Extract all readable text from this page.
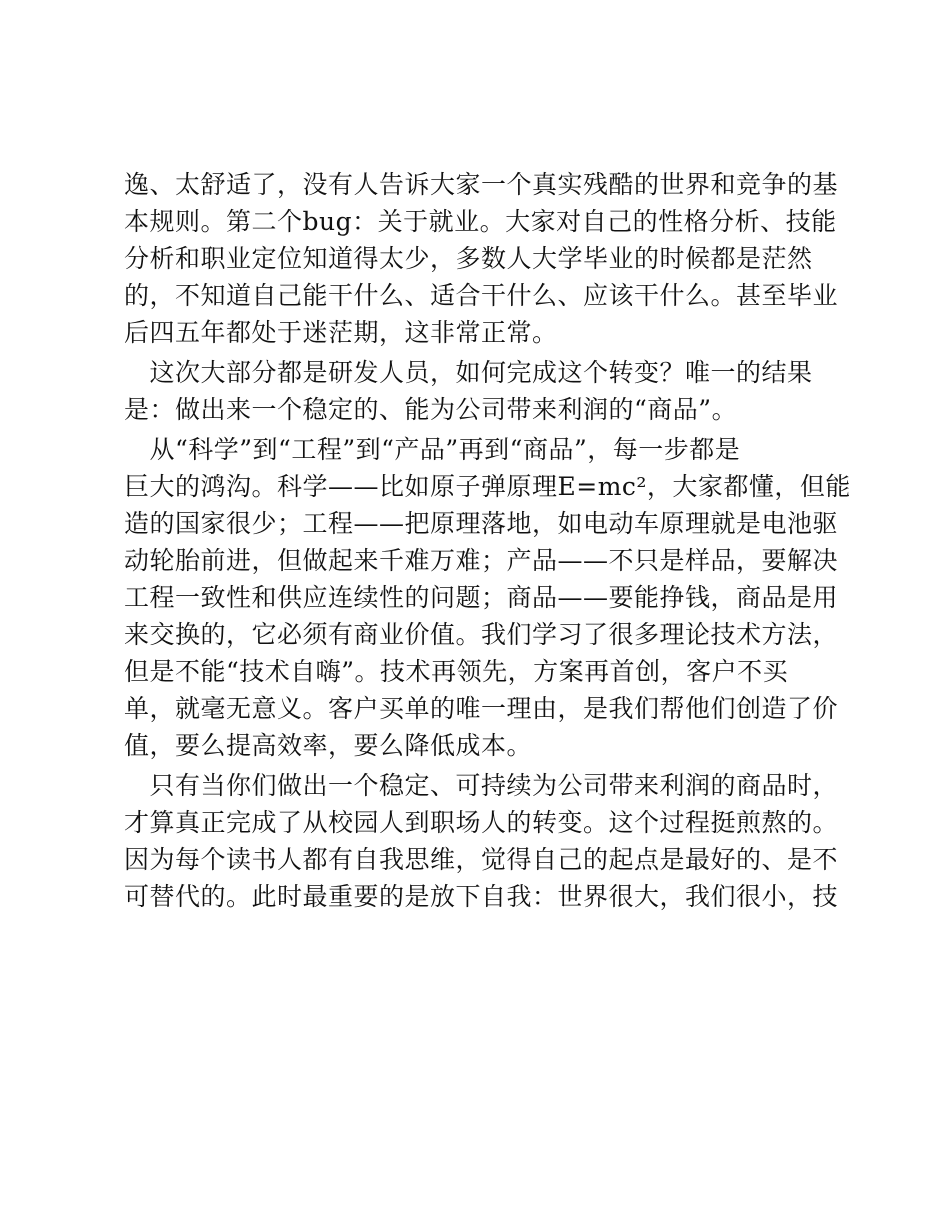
逸、太舒适了，没有人告诉大家一个真实残酷的世界和竞争的基
本规则。第二个bug：关于就业。大家对自己的性格分析、技能
分析和职业定位知道得太少，多数人大学毕业的时候都是茫然
的，不知道自己能干什么、适合干什么、应该干什么。甚至毕业
后四五年都处于迷茫期，这非常正常。
　这次大部分都是研发人员，如何完成这个转变？唯一的结果
是：做出来一个稳定的、能为公司带来利润的“商品”。
　从“科学”到“工程”到“产品”再到“商品”，每一步都是
巨大的鸿沟。科学——比如原子弹原理E=mc²，大家都懂，但能
造的国家很少；工程——把原理落地，如电动车原理就是电池驱
动轮胎前进，但做起来千难万难；产品——不只是样品，要解决
工程一致性和供应连续性的问题；商品——要能挣钱，商品是用
来交换的，它必须有商业价值。我们学习了很多理论技术方法，
但是不能“技术自嗨”。技术再领先，方案再首创，客户不买
单，就毫无意义。客户买单的唯一理由，是我们帮他们创造了价
值，要么提高效率，要么降低成本。
　只有当你们做出一个稳定、可持续为公司带来利润的商品时，
才算真正完成了从校园人到职场人的转变。这个过程挺煎熬的。
因为每个读书人都有自我思维，觉得自己的起点是最好的、是不
可替代的。此时最重要的是放下自我：世界很大，我们很小，技
